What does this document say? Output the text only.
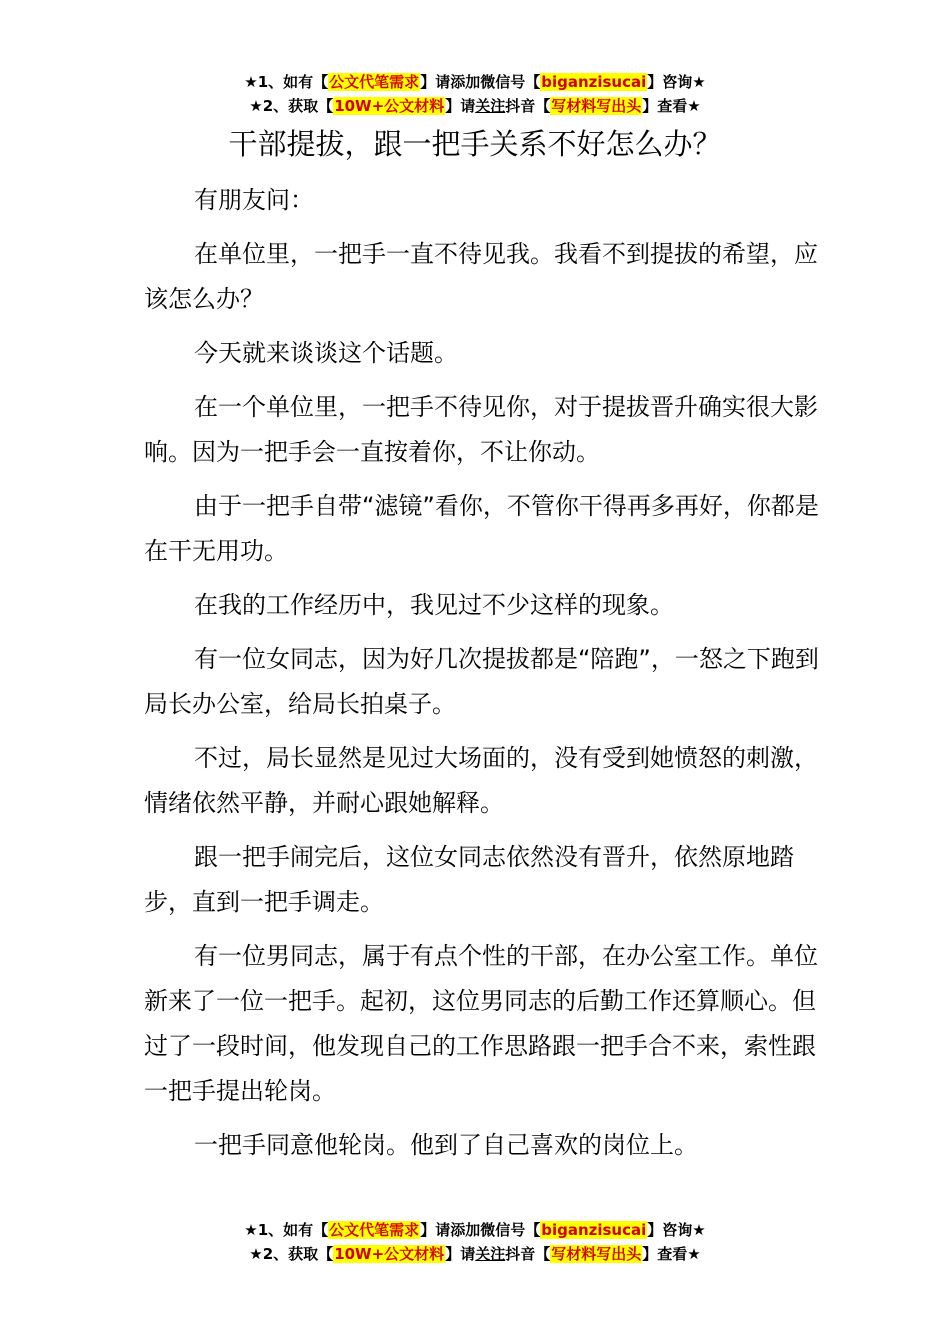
★1、如有【公文代笔需求】请添加微信号【biganzisucai】咨询★
★2、获取【10W+公文材料】请关注抖音【写材料写出头】查看★
干部提拔，跟一把手关系不好怎么办？

有朋友问：

在单位里，一把手一直不待见我。我看不到提拔的希望，应该怎么办？

今天就来谈谈这个话题。

在一个单位里，一把手不待见你，对于提拔晋升确实很大影响。因为一把手会一直按着你，不让你动。

由于一把手自带“滤镜”看你，不管你干得再多再好，你都是在干无用功。

在我的工作经历中，我见过不少这样的现象。

有一位女同志，因为好几次提拔都是“陪跑”，一怒之下跑到局长办公室，给局长拍桌子。

不过，局长显然是见过大场面的，没有受到她愤怒的刺激，情绪依然平静，并耐心跟她解释。

跟一把手闹完后，这位女同志依然没有晋升，依然原地踏步，直到一把手调走。

有一位男同志，属于有点个性的干部，在办公室工作。单位新来了一位一把手。起初，这位男同志的后勤工作还算顺心。但过了一段时间，他发现自己的工作思路跟一把手合不来，索性跟一把手提出轮岗。

一把手同意他轮岗。他到了自己喜欢的岗位上。

★1、如有【公文代笔需求】请添加微信号【biganzisucai】咨询★
★2、获取【10W+公文材料】请关注抖音【写材料写出头】查看★
